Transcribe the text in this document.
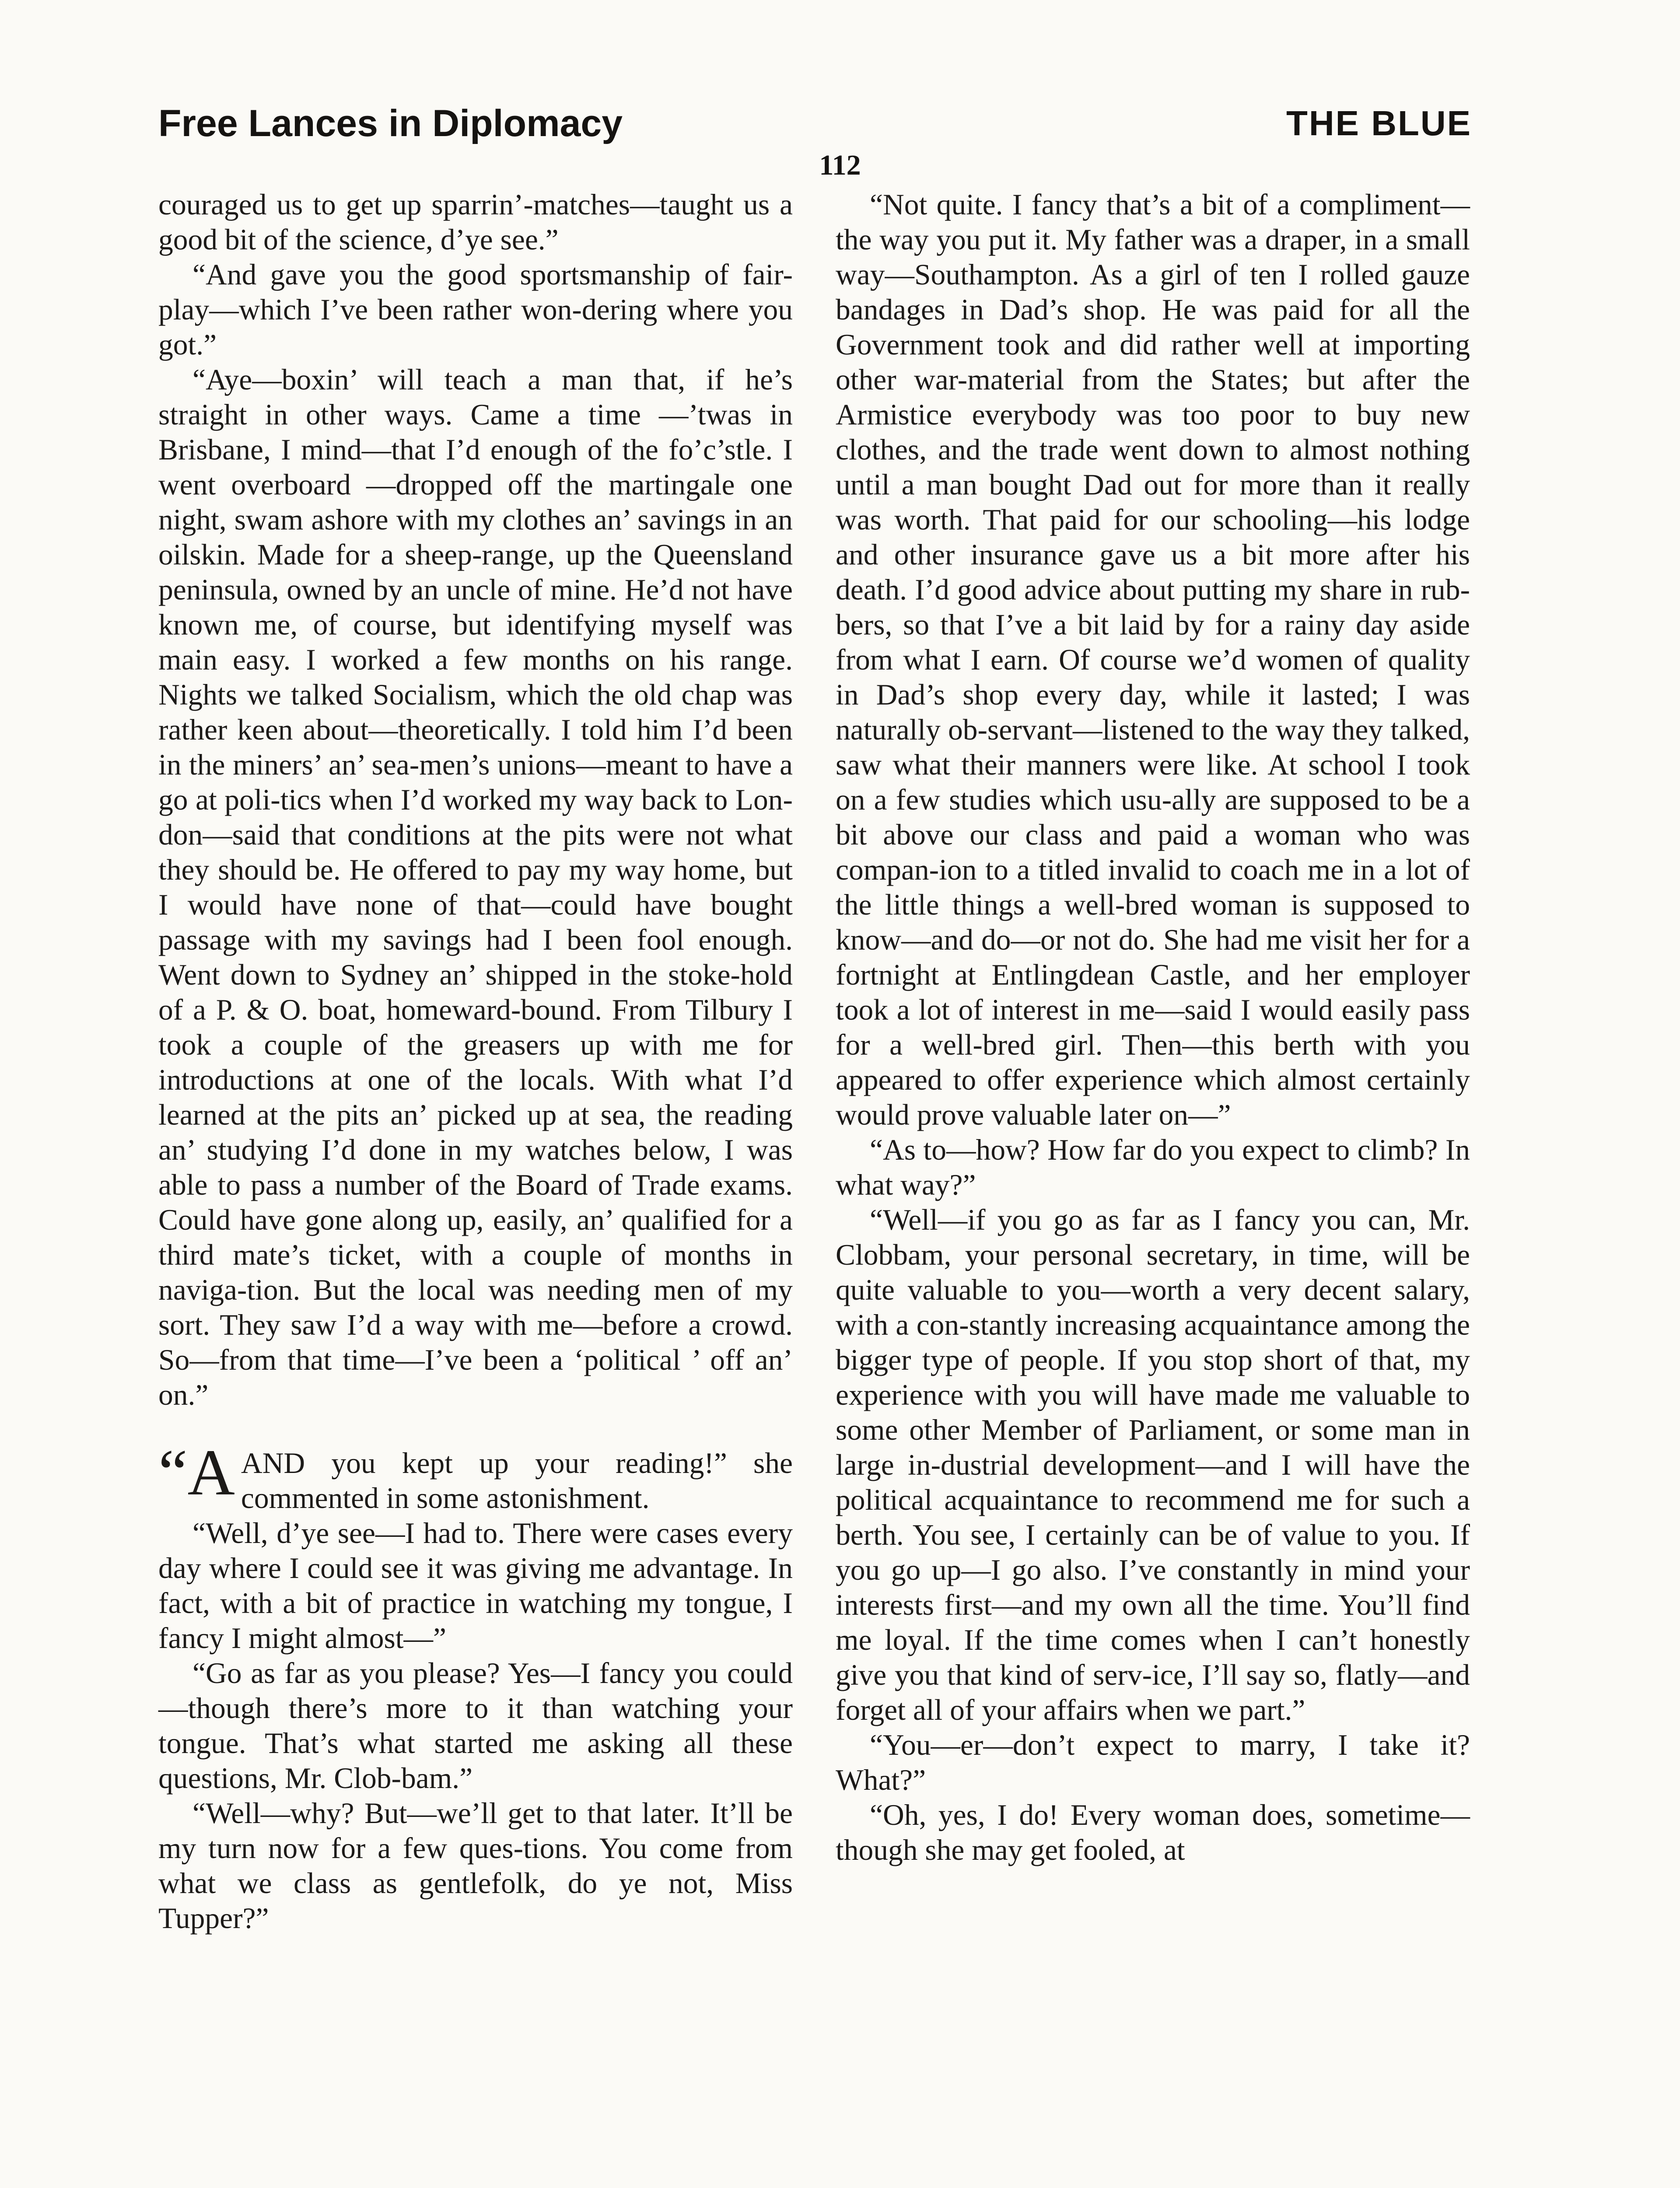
Free Lances in Diplomacy	THE BLUE
112

couraged us to get up sparrin’-matches—taught us a good bit of the science, d’ye see.”

“And gave you the good sportsmanship of fair-play—which I’ve been rather won-dering where you got.”

“Aye—boxin’ will teach a man that, if he’s straight in other ways. Came a time —’twas in Brisbane, I mind—that I’d enough of the fo’c’stle. I went overboard —dropped off the martingale one night, swam ashore with my clothes an’ savings in an oilskin. Made for a sheep-range, up the Queensland peninsula, owned by an uncle of mine. He’d not have known me, of course, but identifying myself was main easy. I worked a few months on his range. Nights we talked Socialism, which the old chap was rather keen about—theoretically. I told him I’d been in the miners’ an’ sea-men’s unions—meant to have a go at poli-tics when I’d worked my way back to Lon-don—said that conditions at the pits were not what they should be. He offered to pay my way home, but I would have none of that—could have bought passage with my savings had I been fool enough. Went down to Sydney an’ shipped in the stoke-hold of a P. & O. boat, homeward-bound. From Tilbury I took a couple of the greasers up with me for introductions at one of the locals. With what I’d learned at the pits an’ picked up at sea, the reading an’ studying I’d done in my watches below, I was able to pass a number of the Board of Trade exams. Could have gone along up, easily, an’ qualified for a third mate’s ticket, with a couple of months in naviga-tion. But the local was needing men of my sort. They saw I’d a way with me—before a crowd. So—from that time—I’ve been a ‘political ’ off an’ on.”

“AAND you kept up your reading!” she commented in some astonishment.

“Well, d’ye see—I had to. There were cases every day where I could see it was giving me advantage. In fact, with a bit of practice in watching my tongue, I fancy I might almost—”

“Go as far as you please? Yes—I fancy you could—though there’s more to it than watching your tongue. That’s what started me asking all these questions, Mr. Clob-bam.”

“Well—why? But—we’ll get to that later. It’ll be my turn now for a few ques-tions. You come from what we class as gentlefolk, do ye not, Miss Tupper?”

“Not quite. I fancy that’s a bit of a compliment—the way you put it. My father was a draper, in a small way—Southampton. As a girl of ten I rolled gauze bandages in Dad’s shop. He was paid for all the Government took and did rather well at importing other war-material from the States; but after the Armistice everybody was too poor to buy new clothes, and the trade went down to almost nothing until a man bought Dad out for more than it really was worth. That paid for our schooling—his lodge and other insurance gave us a bit more after his death. I’d good advice about putting my share in rub-bers, so that I’ve a bit laid by for a rainy day aside from what I earn. Of course we’d women of quality in Dad’s shop every day, while it lasted; I was naturally ob-servant—listened to the way they talked, saw what their manners were like. At school I took on a few studies which usu-ally are supposed to be a bit above our class and paid a woman who was compan-ion to a titled invalid to coach me in a lot of the little things a well-bred woman is supposed to know—and do—or not do. She had me visit her for a fortnight at Entlingdean Castle, and her employer took a lot of interest in me—said I would easily pass for a well-bred girl. Then—this berth with you appeared to offer experience which almost certainly would prove valuable later on—”

“As to—how? How far do you expect to climb? In what way?”

“Well—if you go as far as I fancy you can, Mr. Clobbam, your personal secretary, in time, will be quite valuable to you—worth a very decent salary, with a con-stantly increasing acquaintance among the bigger type of people. If you stop short of that, my experience with you will have made me valuable to some other Member of Parliament, or some man in large in-dustrial development—and I will have the political acquaintance to recommend me for such a berth. You see, I certainly can be of value to you. If you go up—I go also. I’ve constantly in mind your interests first—and my own all the time. You’ll find me loyal. If the time comes when I can’t honestly give you that kind of serv-ice, I’ll say so, flatly—and forget all of your affairs when we part.”

“You—er—don’t expect to marry, I take it? What?”

“Oh, yes, I do! Every woman does, sometime—though she may get fooled, at
